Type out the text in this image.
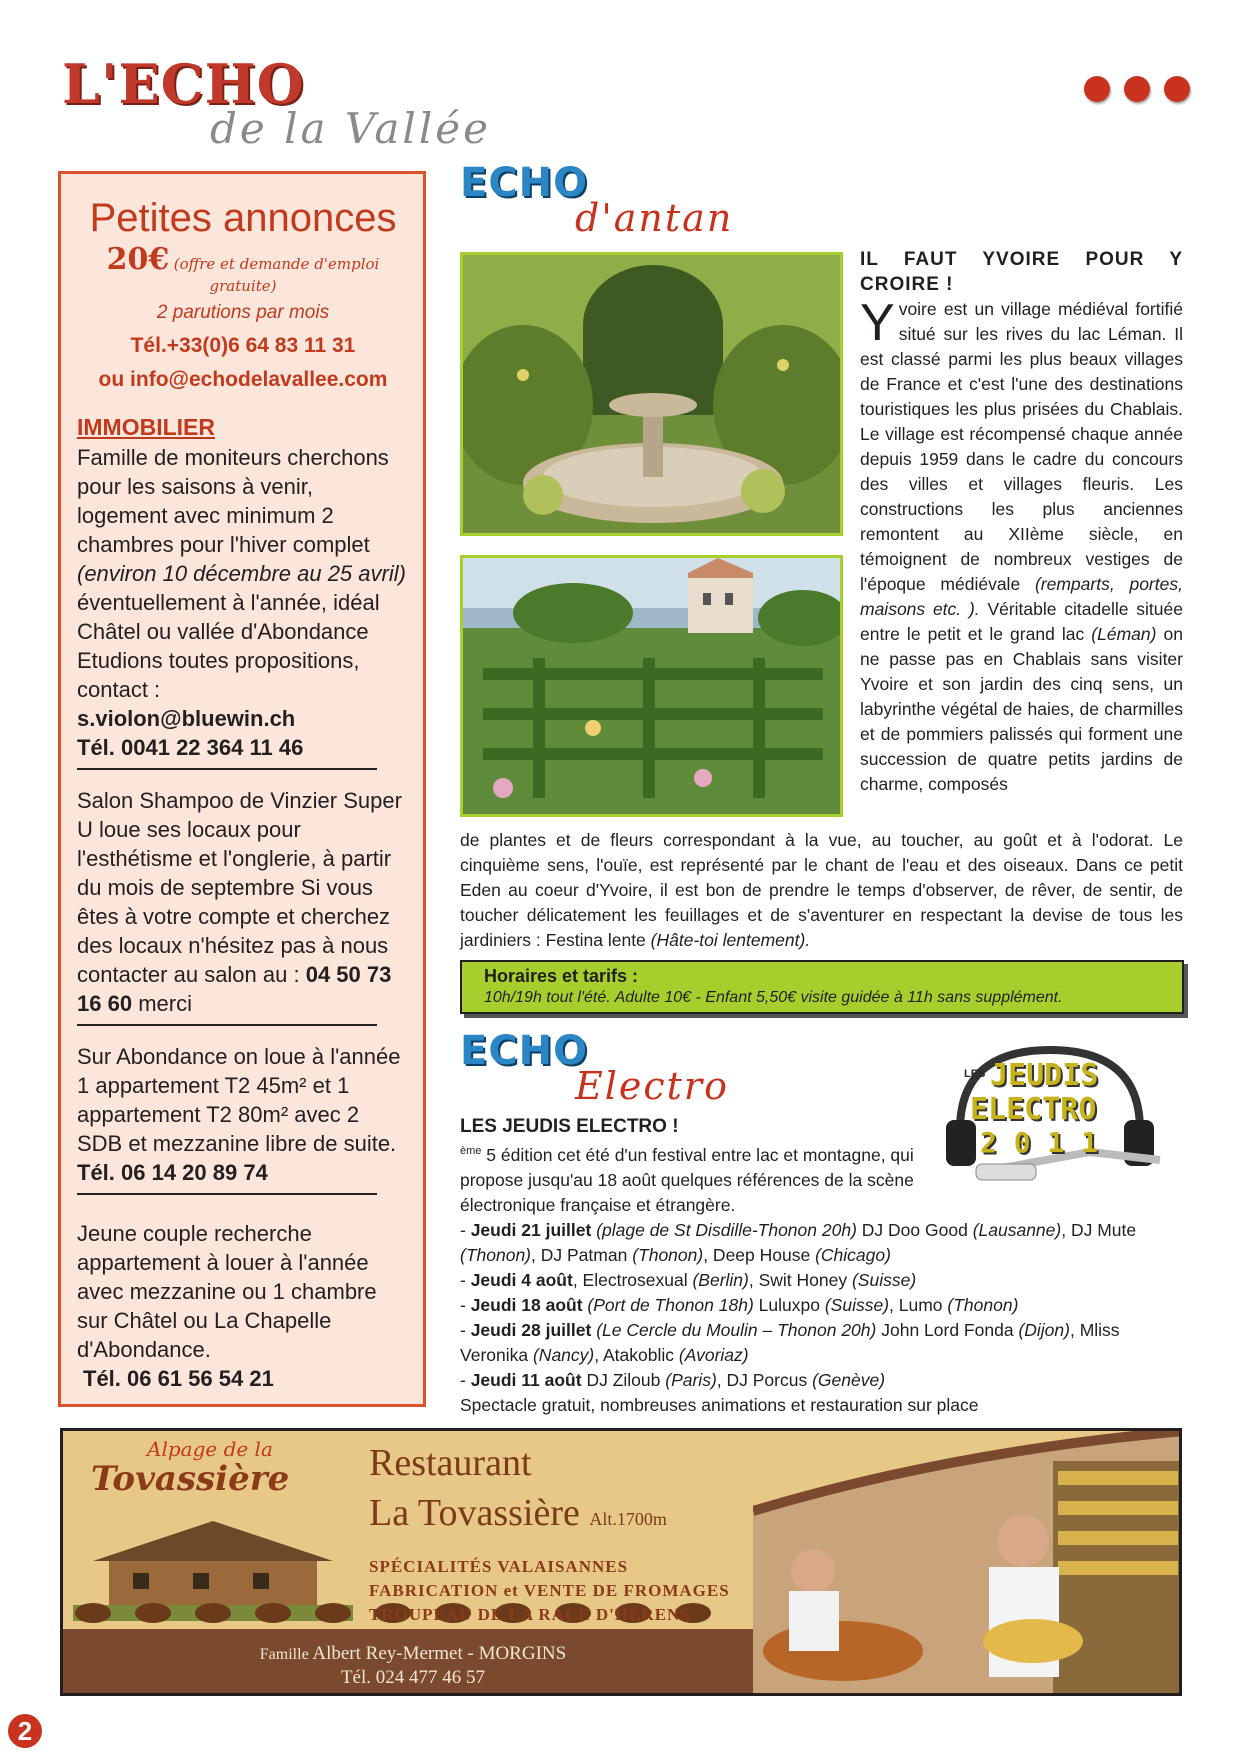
L'ECHO
de la Vallée
Petites annonces
20€ (offre et demande d'emploi gratuite)
2 parutions par mois
Tél.+33(0)6 64 83 11 31
ou info@echodelavallee.com
IMMOBILIER
Famille de moniteurs cherchons pour les saisons à venir, logement avec minimum 2 chambres pour l'hiver complet (environ 10 décembre au 25 avril) éventuellement à l'année, idéal Châtel ou vallée d'Abondance Etudions toutes propositions, contact :
s.violon@bluewin.ch
Tél. 0041 22 364 11 46
Salon Shampoo de Vinzier Super U loue ses locaux pour l'esthétisme et l'onglerie, à partir du mois de septembre Si vous êtes à votre compte et cherchez des locaux n'hésitez pas à nous contacter au salon au : 04 50 73 16 60 merci
Sur Abondance on loue à l'année 1 appartement T2 45m² et 1 appartement T2 80m² avec 2 SDB et mezzanine libre de suite. Tél. 06 14 20 89 74
Jeune couple recherche appartement à louer à l'année avec mezzanine ou 1 chambre sur Châtel ou La Chapelle d'Abondance.
Tél. 06 61 56 54 21
ECHO
d'antan
IL FAUT YVOIRE POUR Y CROIRE !
Y voire est un village médiéval fortifié situé sur les rives du lac Léman. Il est classé parmi les plus beaux villages de France et c'est l'une des destinations touristiques les plus prisées du Chablais. Le village est récompensé chaque année depuis 1959 dans le cadre du concours des villes et villages fleuris. Les constructions les plus anciennes remontent au XIIème siècle, en témoignent de nombreux vestiges de l'époque médiévale (remparts, portes, maisons etc. ). Véritable citadelle située entre le petit et le grand lac (Léman) on ne passe pas en Chablais sans visiter Yvoire et son jardin des cinq sens, un labyrinthe végétal de haies, de charmilles et de pommiers palissés qui forment une succession de quatre petits jardins de charme, composés
de plantes et de fleurs correspondant à la vue, au toucher, au goût et à l'odorat. Le cinquième sens, l'ouïe, est représenté par le chant de l'eau et des oiseaux. Dans ce petit Eden au coeur d'Yvoire, il est bon de prendre le temps d'observer, de rêver, de sentir, de toucher délicatement les feuillages et de s'aventurer en respectant la devise de tous les jardiniers : Festina lente (Hâte-toi lentement).
Horaires et tarifs :
10h/19h tout l'été. Adulte 10€ - Enfant 5,50€ visite guidée à 11h sans supplément.
ECHO
Electro	LES JEUDIS
ELECTRO
2 0 1 1
LES JEUDIS ELECTRO !
$^{ème}$ 5 édition cet été d'un festival entre lac et montagne, qui propose jusqu'au 18 août quelques références de la scène électronique française et étrangère.
- Jeudi 21 juillet (plage de St Disdille-Thonon 20h) DJ Doo Good (Lausanne), DJ Mute (Thonon), DJ Patman (Thonon), Deep House (Chicago)
- Jeudi 4 août, Electrosexual (Berlin), Swit Honey (Suisse)
- Jeudi 18 août (Port de Thonon 18h) Luluxpo (Suisse), Lumo (Thonon)
- Jeudi 28 juillet (Le Cercle du Moulin – Thonon 20h) John Lord Fonda (Dijon), Mliss Veronika (Nancy), Atakoblic (Avoriaz)
- Jeudi 11 août DJ Ziloub (Paris), DJ Porcus (Genève)
Spectacle gratuit, nombreuses animations et restauration sur place
Alpage de la
Tovassière Restaurant
La Tovassière Alt.1700m
SPÉCIALITÉS VALAISANNES
FABRICATION et VENTE DE FROMAGES
TROUPEAU DE LA RACE D'HÉRENS
Famille Albert Rey-Mermet - MORGINS
Tél. 024 477 46 57
2
